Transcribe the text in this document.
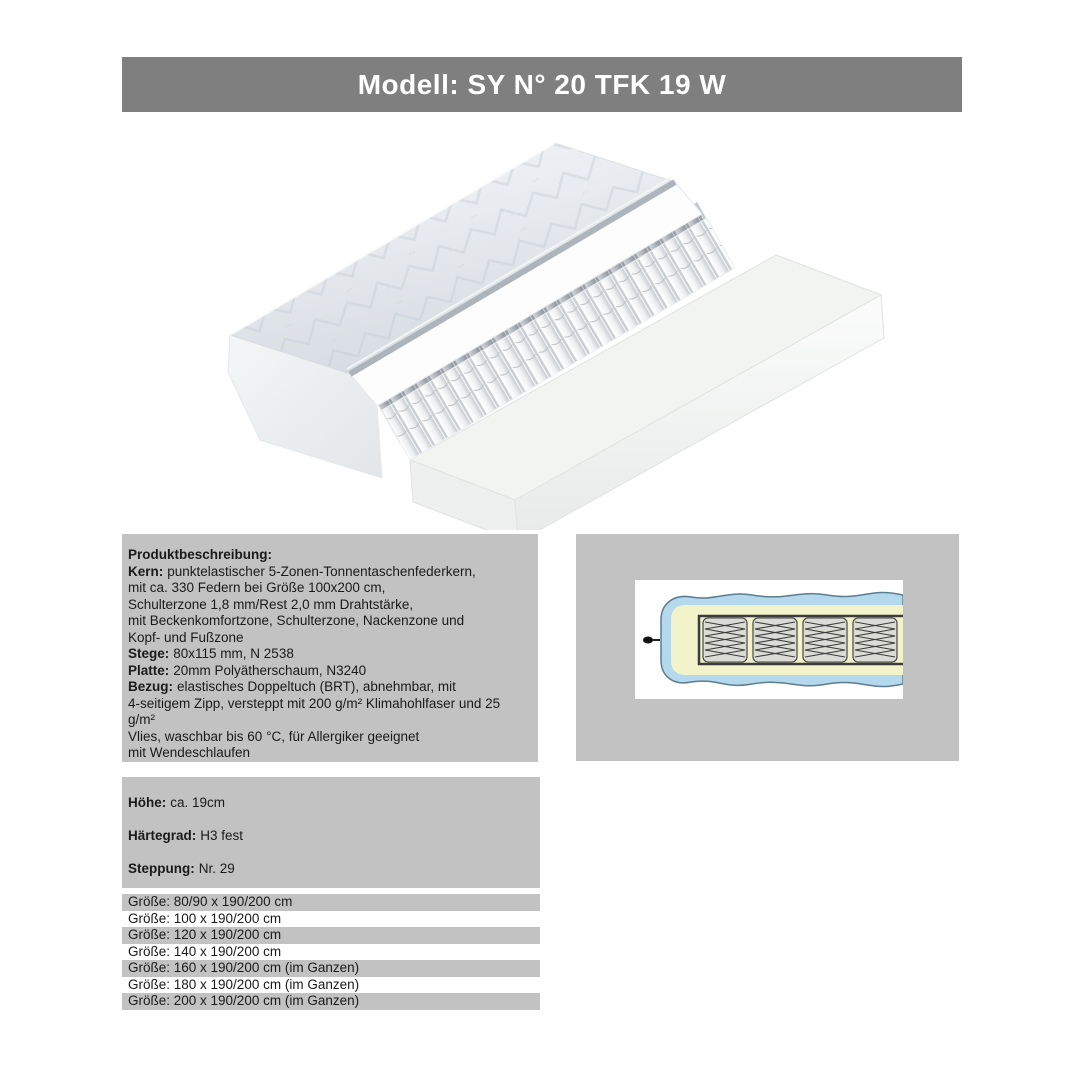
Modell: SY N° 20 TFK 19 W
Produktbeschreibung:
Kern: punktelastischer 5-Zonen-Tonnentaschenfederkern,
mit ca. 330 Federn bei Größe 100x200 cm,
Schulterzone 1,8 mm/Rest 2,0 mm Drahtstärke,
mit Beckenkomfortzone, Schulterzone, Nackenzone und
Kopf- und Fußzone
Stege: 80x115 mm, N 2538
Platte: 20mm Polyätherschaum, N3240
Bezug: elastisches Doppeltuch (BRT), abnehmbar, mit
4-seitigem Zipp, versteppt mit 200 g/m² Klimahohlfaser und 25 g/m²
Vlies, waschbar bis 60 °C, für Allergiker geeignet
mit Wendeschlaufen
Höhe: ca. 19cm
Härtegrad: H3 fest
Steppung: Nr. 29
Größe: 80/90 x 190/200 cm
Größe: 100 x 190/200 cm
Größe: 120 x 190/200 cm
Größe: 140 x 190/200 cm
Größe: 160 x 190/200 cm (im Ganzen)
Größe: 180 x 190/200 cm (im Ganzen)
Größe: 200 x 190/200 cm (im Ganzen)
